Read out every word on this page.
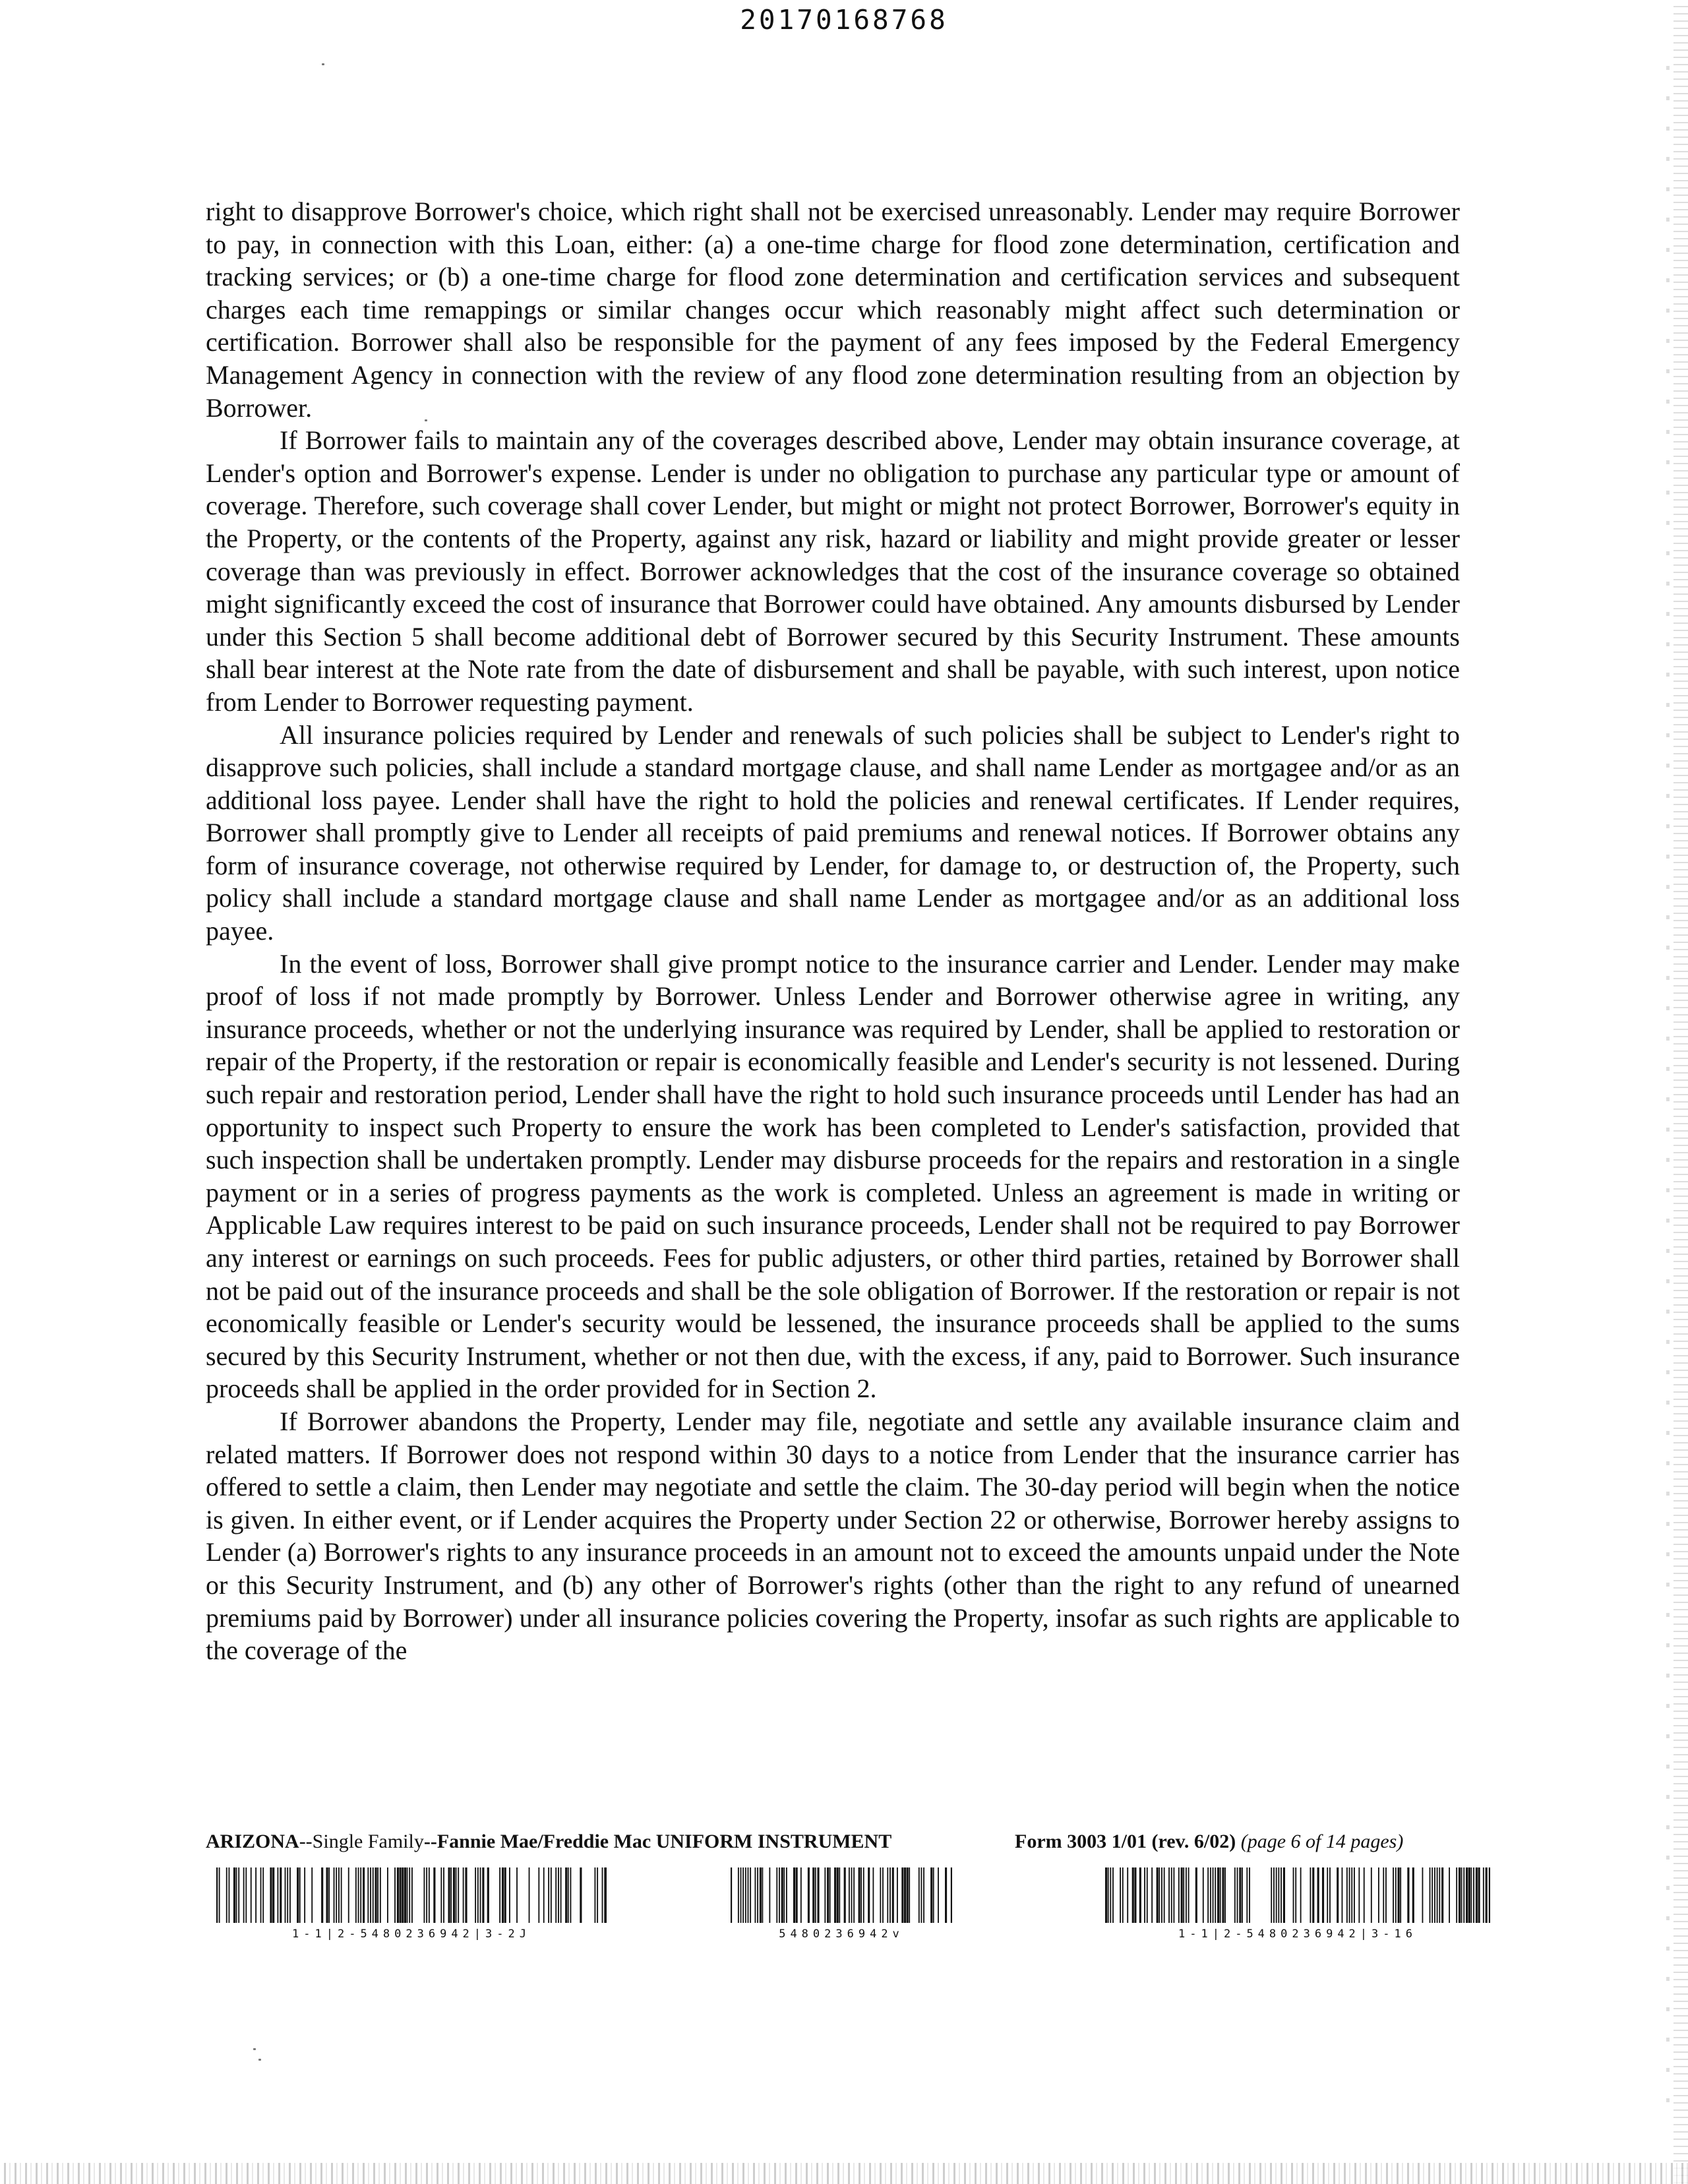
20170168768

right to disapprove Borrower's choice, which right shall not be exercised unreasonably. Lender may require Borrower to pay, in connection with this Loan, either: (a) a one-time charge for flood zone determination, certification and tracking services; or (b) a one-time charge for flood zone determination and certification services and subsequent charges each time remappings or similar changes occur which reasonably might affect such determination or certification. Borrower shall also be responsible for the payment of any fees imposed by the Federal Emergency Management Agency in connection with the review of any flood zone determination resulting from an objection by Borrower.

If Borrower fails to maintain any of the coverages described above, Lender may obtain insurance coverage, at Lender's option and Borrower's expense. Lender is under no obligation to purchase any particular type or amount of coverage. Therefore, such coverage shall cover Lender, but might or might not protect Borrower, Borrower's equity in the Property, or the contents of the Property, against any risk, hazard or liability and might provide greater or lesser coverage than was previously in effect. Borrower acknowledges that the cost of the insurance coverage so obtained might significantly exceed the cost of insurance that Borrower could have obtained. Any amounts disbursed by Lender under this Section 5 shall become additional debt of Borrower secured by this Security Instrument. These amounts shall bear interest at the Note rate from the date of disbursement and shall be payable, with such interest, upon notice from Lender to Borrower requesting payment.

All insurance policies required by Lender and renewals of such policies shall be subject to Lender's right to disapprove such policies, shall include a standard mortgage clause, and shall name Lender as mortgagee and/or as an additional loss payee. Lender shall have the right to hold the policies and renewal certificates. If Lender requires, Borrower shall promptly give to Lender all receipts of paid premiums and renewal notices. If Borrower obtains any form of insurance coverage, not otherwise required by Lender, for damage to, or destruction of, the Property, such policy shall include a standard mortgage clause and shall name Lender as mortgagee and/or as an additional loss payee.

In the event of loss, Borrower shall give prompt notice to the insurance carrier and Lender. Lender may make proof of loss if not made promptly by Borrower. Unless Lender and Borrower otherwise agree in writing, any insurance proceeds, whether or not the underlying insurance was required by Lender, shall be applied to restoration or repair of the Property, if the restoration or repair is economically feasible and Lender's security is not lessened. During such repair and restoration period, Lender shall have the right to hold such insurance proceeds until Lender has had an opportunity to inspect such Property to ensure the work has been completed to Lender's satisfaction, provided that such inspection shall be undertaken promptly. Lender may disburse proceeds for the repairs and restoration in a single payment or in a series of progress payments as the work is completed. Unless an agreement is made in writing or Applicable Law requires interest to be paid on such insurance proceeds, Lender shall not be required to pay Borrower any interest or earnings on such proceeds. Fees for public adjusters, or other third parties, retained by Borrower shall not be paid out of the insurance proceeds and shall be the sole obligation of Borrower. If the restoration or repair is not economically feasible or Lender's security would be lessened, the insurance proceeds shall be applied to the sums secured by this Security Instrument, whether or not then due, with the excess, if any, paid to Borrower. Such insurance proceeds shall be applied in the order provided for in Section 2.

If Borrower abandons the Property, Lender may file, negotiate and settle any available insurance claim and related matters. If Borrower does not respond within 30 days to a notice from Lender that the insurance carrier has offered to settle a claim, then Lender may negotiate and settle the claim. The 30-day period will begin when the notice is given. In either event, or if Lender acquires the Property under Section 22 or otherwise, Borrower hereby assigns to Lender (a) Borrower's rights to any insurance proceeds in an amount not to exceed the amounts unpaid under the Note or this Security Instrument, and (b) any other of Borrower's rights (other than the right to any refund of unearned premiums paid by Borrower) under all insurance policies covering the Property, insofar as such rights are applicable to the coverage of the

ARIZONA--Single Family--Fannie Mae/Freddie Mac UNIFORM INSTRUMENT	Form 3003 1/01 (rev. 6/02) (page 6 of 14 pages)
1-1|2-5480236942|3-2J	5480236942v	1-1|2-5480236942|3-16
